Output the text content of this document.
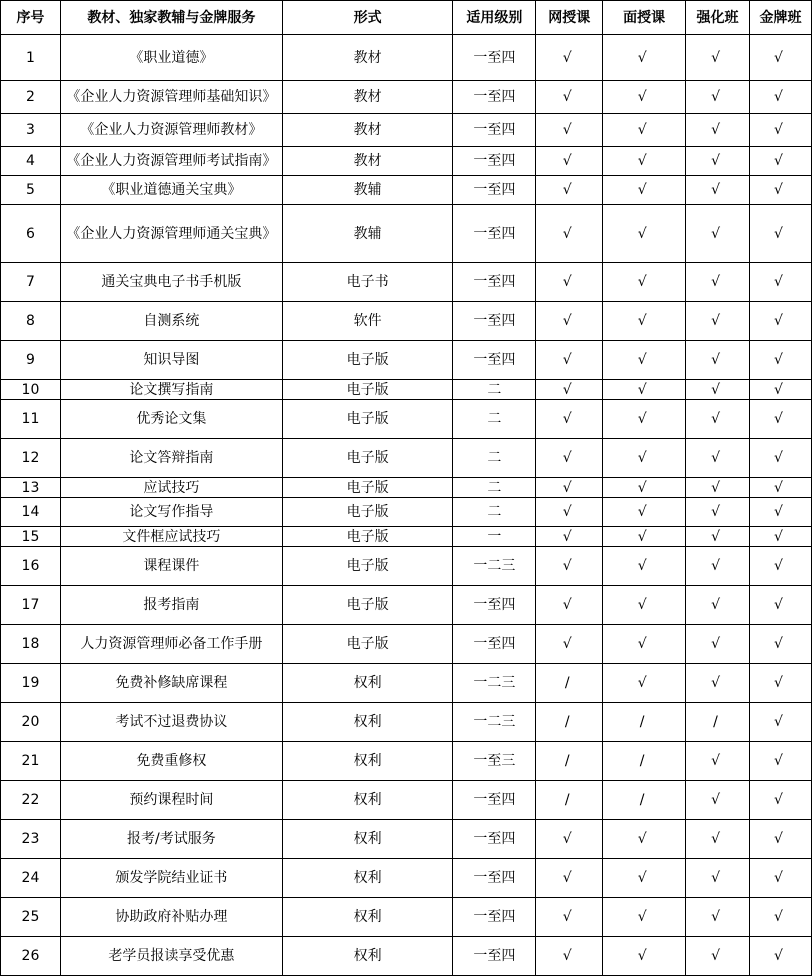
序号	教材、独家教辅与金牌服务	形式	适用级别	网授课	面授课	强化班	金牌班
1	《职业道德》	教材	一至四	√	√	√	√
2	《企业人力资源管理师基础知识》	教材	一至四	√	√	√	√
3	《企业人力资源管理师教材》	教材	一至四	√	√	√	√
4	《企业人力资源管理师考试指南》	教材	一至四	√	√	√	√
5	《职业道德通关宝典》	教辅	一至四	√	√	√	√
6	《企业人力资源管理师通关宝典》	教辅	一至四	√	√	√	√
7	通关宝典电子书手机版	电子书	一至四	√	√	√	√
8	自测系统	软件	一至四	√	√	√	√
9	知识导图	电子版	一至四	√	√	√	√
10	论文撰写指南	电子版	二	√	√	√	√
11	优秀论文集	电子版	二	√	√	√	√
12	论文答辩指南	电子版	二	√	√	√	√
13	应试技巧	电子版	二	√	√	√	√
14	论文写作指导	电子版	二	√	√	√	√
15	文件框应试技巧	电子版	一	√	√	√	√
16	课程课件	电子版	一二三	√	√	√	√
17	报考指南	电子版	一至四	√	√	√	√
18	人力资源管理师必备工作手册	电子版	一至四	√	√	√	√
19	免费补修缺席课程	权利	一二三	/	√	√	√
20	考试不过退费协议	权利	一二三	/	/	/	√
21	免费重修权	权利	一至三	/	/	√	√
22	预约课程时间	权利	一至四	/	/	√	√
23	报考/考试服务	权利	一至四	√	√	√	√
24	颁发学院结业证书	权利	一至四	√	√	√	√
25	协助政府补贴办理	权利	一至四	√	√	√	√
26	老学员报读享受优惠	权利	一至四	√	√	√	√
